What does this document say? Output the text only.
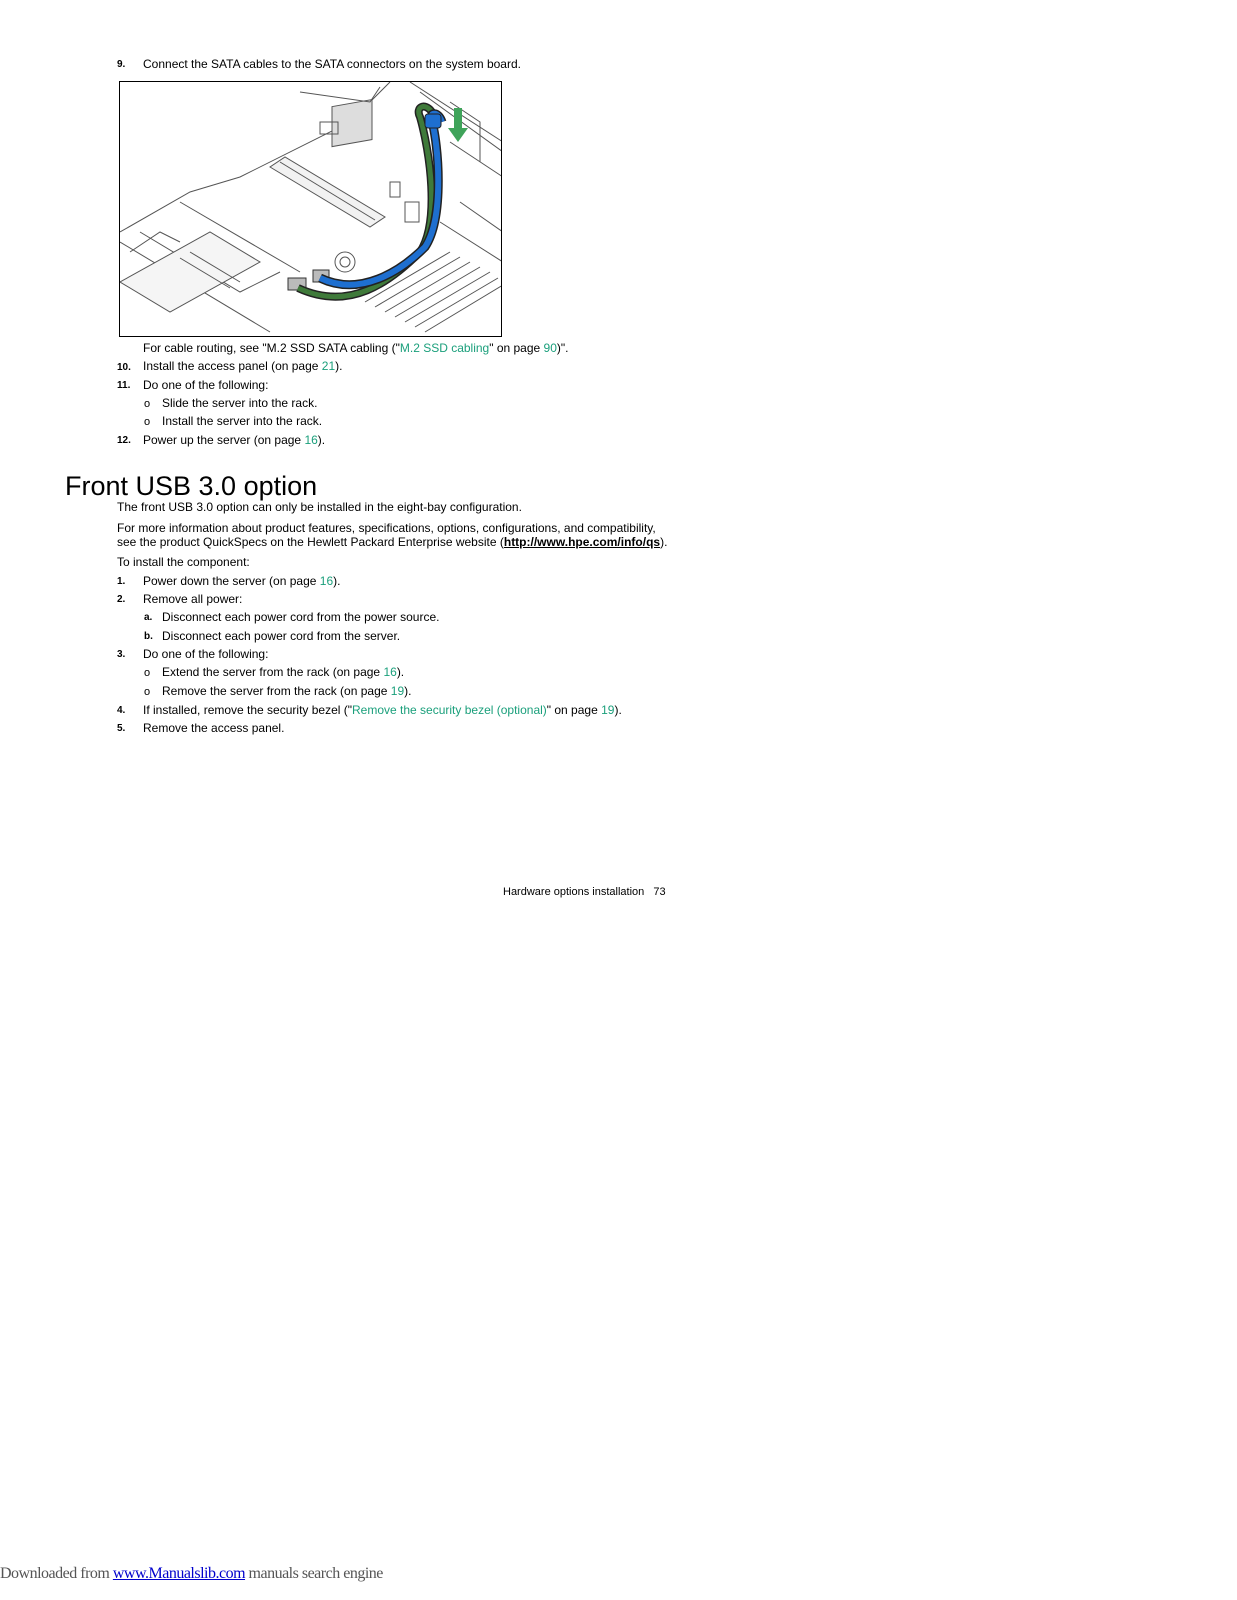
9. Connect the SATA cables to the SATA connectors on the system board.
For cable routing, see "M.2 SSD SATA cabling ("M.2 SSD cabling" on page 90)".
10. Install the access panel (on page 21).
11. Do one of the following:
o Slide the server into the rack.
o Install the server into the rack.
12. Power up the server (on page 16).
Front USB 3.0 option
The front USB 3.0 option can only be installed in the eight-bay configuration.
For more information about product features, specifications, options, configurations, and compatibility,
see the product QuickSpecs on the Hewlett Packard Enterprise website (http://www.hpe.com/info/qs).
To install the component:
1. Power down the server (on page 16).
2. Remove all power:
a. Disconnect each power cord from the power source.
b. Disconnect each power cord from the server.
3. Do one of the following:
o Extend the server from the rack (on page 16).
o Remove the server from the rack (on page 19).
4. If installed, remove the security bezel ("Remove the security bezel (optional)" on page 19).
5. Remove the access panel.
Hardware options installation 73
Downloaded from www.Manualslib.com manuals search engine
